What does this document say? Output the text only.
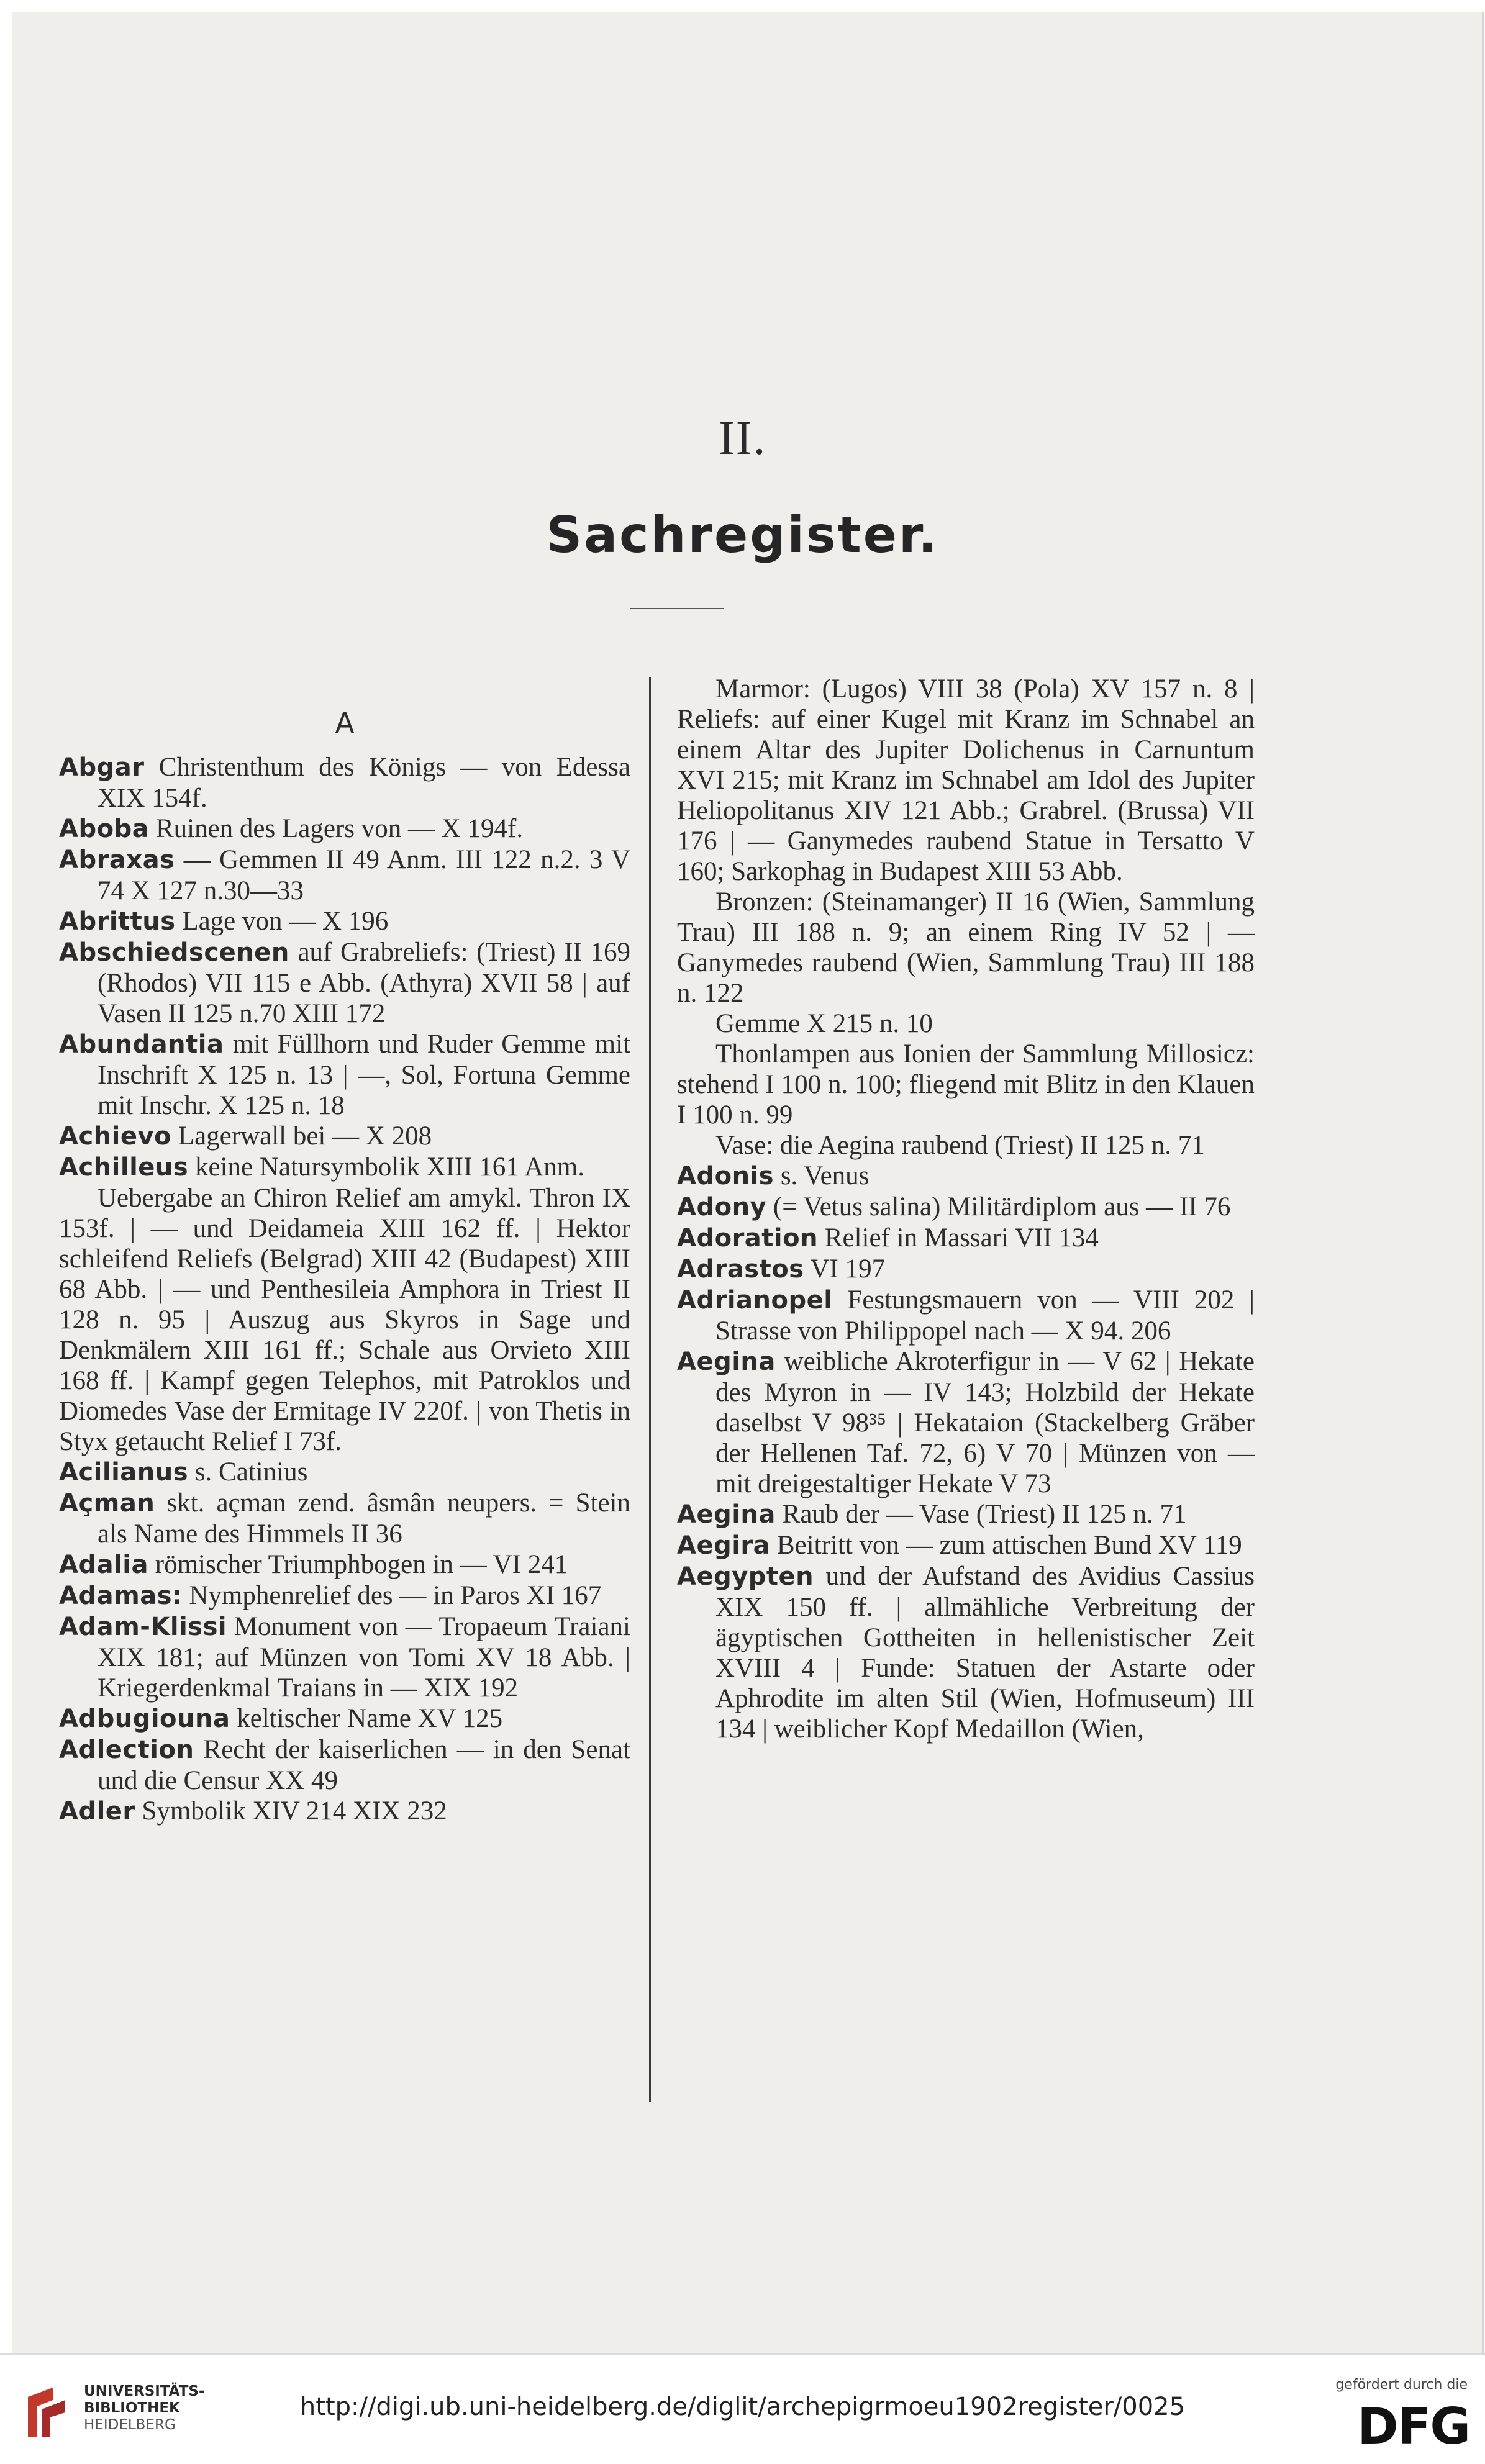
II.
Sachregister.
A

Abgar Christenthum des Königs — von Edessa XIX 154f.

Aboba Ruinen des Lagers von — X 194f.

Abraxas — Gemmen II 49 Anm. III 122 n.2. 3 V 74 X 127 n.30—33

Abrittus Lage von — X 196

Abschiedscenen auf Grabreliefs: (Triest) II 169 (Rhodos) VII 115 e Abb. (Athyra) XVII 58 | auf Vasen II 125 n.70 XIII 172

Abundantia mit Füllhorn und Ruder Gemme mit Inschrift X 125 n. 13 | —, Sol, Fortuna Gemme mit Inschr. X 125 n. 18

Achievo Lagerwall bei — X 208

Achilleus keine Natursymbolik XIII 161 Anm.

Uebergabe an Chiron Relief am amykl. Thron IX 153f. | — und Deidameia XIII 162 ff. | Hektor schleifend Reliefs (Belgrad) XIII 42 (Budapest) XIII 68 Abb. | — und Penthesileia Amphora in Triest II 128 n. 95 | Auszug aus Skyros in Sage und Denkmälern XIII 161 ff.; Schale aus Orvieto XIII 168 ff. | Kampf gegen Telephos, mit Patroklos und Diomedes Vase der Ermitage IV 220f. | von Thetis in Styx getaucht Relief I 73f.

Acilianus s. Catinius

Açman skt. açman zend. âsmân neupers. = Stein als Name des Himmels II 36

Adalia römischer Triumphbogen in — VI 241

Adamas: Nymphenrelief des — in Paros XI 167

Adam-Klissi Monument von — Tropaeum Traiani XIX 181; auf Münzen von Tomi XV 18 Abb. | Kriegerdenkmal Traians in — XIX 192

Adbugiouna keltischer Name XV 125

Adlection Recht der kaiserlichen — in den Senat und die Censur XX 49

Adler Symbolik XIV 214 XIX 232

Marmor: (Lugos) VIII 38 (Pola) XV 157 n. 8 | Reliefs: auf einer Kugel mit Kranz im Schnabel an einem Altar des Jupiter Dolichenus in Carnuntum XVI 215; mit Kranz im Schnabel am Idol des Jupiter Heliopolitanus XIV 121 Abb.; Grabrel. (Brussa) VII 176 | — Ganymedes raubend Statue in Tersatto V 160; Sarkophag in Budapest XIII 53 Abb.

Bronzen: (Steinamanger) II 16 (Wien, Sammlung Trau) III 188 n. 9; an einem Ring IV 52 | — Ganymedes raubend (Wien, Sammlung Trau) III 188 n. 122

Gemme X 215 n. 10

Thonlampen aus Ionien der Sammlung Millosicz: stehend I 100 n. 100; fliegend mit Blitz in den Klauen I 100 n. 99

Vase: die Aegina raubend (Triest) II 125 n. 71

Adonis s. Venus

Adony (= Vetus salina) Militärdiplom aus — II 76

Adoration Relief in Massari VII 134

Adrastos VI 197

Adrianopel Festungsmauern von — VIII 202 | Strasse von Philippopel nach — X 94. 206

Aegina weibliche Akroterfigur in — V 62 | Hekate des Myron in — IV 143; Holzbild der Hekate daselbst V 98³⁵ | Hekataion (Stackelberg Gräber der Hellenen Taf. 72, 6) V 70 | Münzen von — mit dreigestaltiger Hekate V 73

Aegina Raub der — Vase (Triest) II 125 n. 71

Aegira Beitritt von — zum attischen Bund XV 119

Aegypten und der Aufstand des Avidius Cassius XIX 150 ff. | allmähliche Verbreitung der ägyptischen Gottheiten in hellenistischer Zeit XVIII 4 | Funde: Statuen der Astarte oder Aphrodite im alten Stil (Wien, Hofmuseum) III 134 | weiblicher Kopf Medaillon (Wien,

UNIVERSITÄTS-
BIBLIOTHEK
HEIDELBERG
http://digi.ub.uni-heidelberg.de/diglit/archepigrmoeu1902register/0025
gefördert durch die
DFG
